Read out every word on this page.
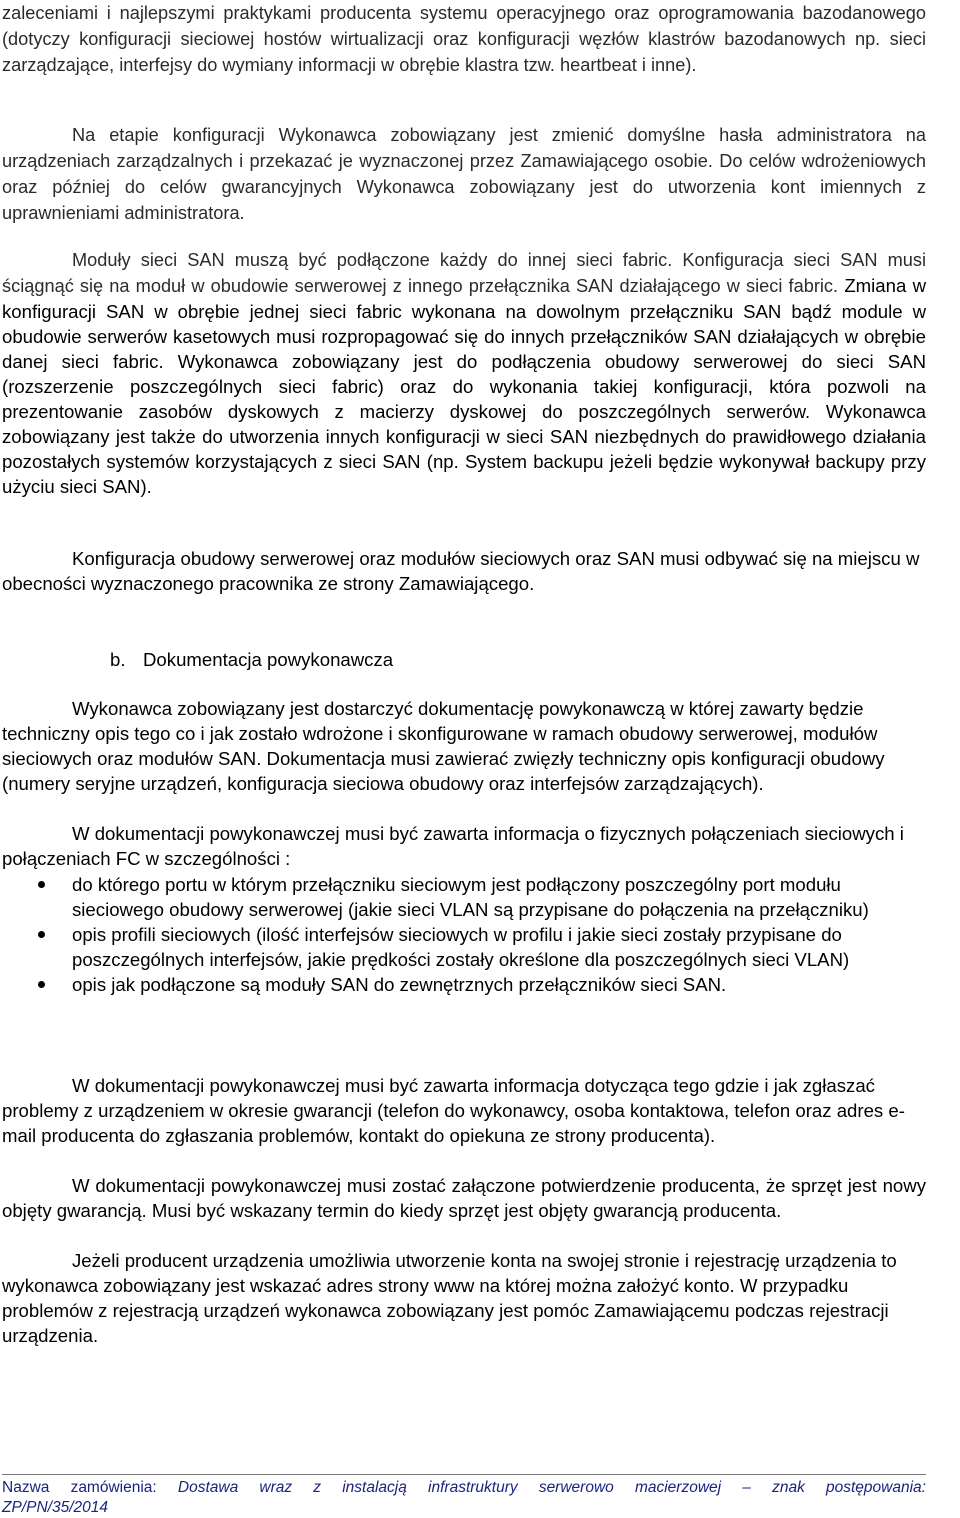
zaleceniami i najlepszymi praktykami producenta systemu operacyjnego oraz oprogramowania bazodanowego (dotyczy konfiguracji sieciowej hostów wirtualizacji oraz konfiguracji węzłów klastrów bazodanowych np. sieci zarządzające, interfejsy do wymiany informacji w obrębie klastra tzw. heartbeat i inne).

Na etapie konfiguracji Wykonawca zobowiązany jest zmienić domyślne hasła administratora na urządzeniach zarządzalnych i przekazać je wyznaczonej przez Zamawiającego osobie. Do celów wdrożeniowych oraz później do celów gwarancyjnych Wykonawca zobowiązany jest do utworzenia kont imiennych z uprawnieniami administratora.

Moduły sieci SAN muszą być podłączone każdy do innej sieci fabric. Konfiguracja sieci SAN musi ściągnąć się na moduł w obudowie serwerowej z innego przełącznika SAN działającego w sieci fabric. Zmiana w konfiguracji SAN w obrębie jednej sieci fabric wykonana na dowolnym przełączniku SAN bądź module w obudowie serwerów kasetowych musi rozpropagować się do innych przełączników SAN działających w obrębie danej sieci fabric. Wykonawca zobowiązany jest do podłączenia obudowy serwerowej do sieci SAN (rozszerzenie poszczególnych sieci fabric) oraz do wykonania takiej konfiguracji, która pozwoli na prezentowanie zasobów dyskowych z macierzy dyskowej do poszczególnych serwerów. Wykonawca zobowiązany jest także do utworzenia innych konfiguracji w sieci SAN niezbędnych do prawidłowego działania pozostałych systemów korzystających z sieci SAN (np. System backupu jeżeli będzie wykonywał backupy przy użyciu sieci SAN).

Konfiguracja obudowy serwerowej oraz modułów sieciowych oraz SAN musi odbywać się na miejscu w obecności wyznaczonego pracownika ze strony Zamawiającego.

b. Dokumentacja powykonawcza

Wykonawca zobowiązany jest dostarczyć dokumentację powykonawczą w której zawarty będzie techniczny opis tego co i jak zostało wdrożone i skonfigurowane w ramach obudowy serwerowej, modułów sieciowych oraz modułów SAN. Dokumentacja musi zawierać zwięzły techniczny opis konfiguracji obudowy (numery seryjne urządzeń, konfiguracja sieciowa obudowy oraz interfejsów zarządzających).

W dokumentacji powykonawczej musi być zawarta informacja o fizycznych połączeniach sieciowych i połączeniach FC w szczególności :

do którego portu w którym przełączniku sieciowym jest podłączony poszczególny port modułu sieciowego obudowy serwerowej (jakie sieci VLAN są przypisane do połączenia na przełączniku)
opis profili sieciowych (ilość interfejsów sieciowych w profilu i jakie sieci zostały przypisane do poszczególnych interfejsów, jakie prędkości zostały określone dla poszczególnych sieci VLAN)
opis jak podłączone są moduły SAN do zewnętrznych przełączników sieci SAN.

W dokumentacji powykonawczej musi być zawarta informacja dotycząca tego gdzie i jak zgłaszać problemy z urządzeniem w okresie gwarancji (telefon do wykonawcy, osoba kontaktowa, telefon oraz adres e-mail producenta do zgłaszania problemów, kontakt do opiekuna ze strony producenta).

W dokumentacji powykonawczej musi zostać załączone potwierdzenie producenta, że sprzęt jest nowy objęty gwarancją. Musi być wskazany termin do kiedy sprzęt jest objęty gwarancją producenta.

Jeżeli producent urządzenia umożliwia utworzenie konta na swojej stronie i rejestrację urządzenia to wykonawca zobowiązany jest wskazać adres strony www na której można założyć konto. W przypadku problemów z rejestracją urządzeń wykonawca zobowiązany jest pomóc Zamawiającemu podczas rejestracji urządzenia.

Nazwa zamówienia: Dostawa wraz z instalacją infrastruktury serwerowo macierzowej – znak postępowania:
ZP/PN/35/2014
